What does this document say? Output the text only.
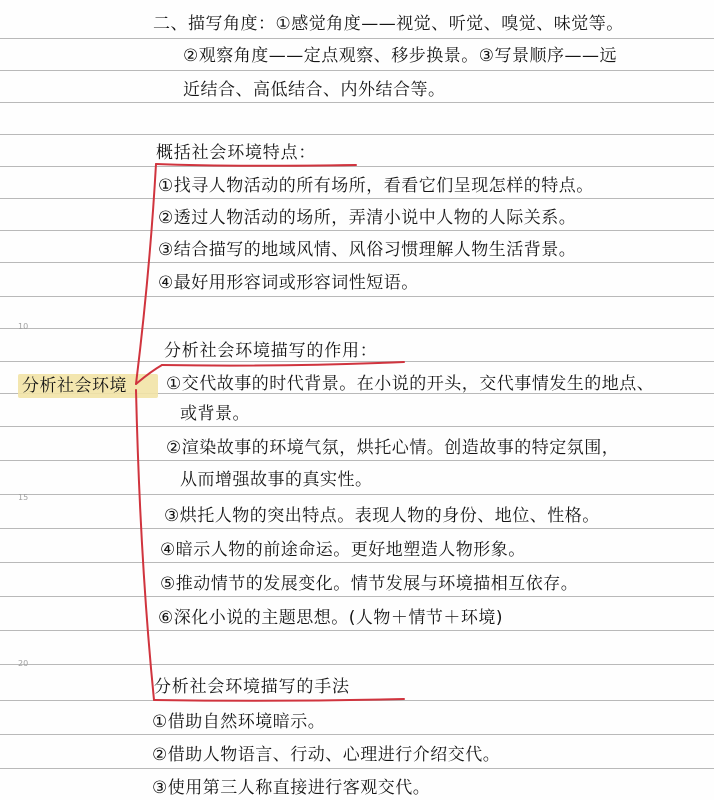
10
15
20
二、描写角度：①感觉角度——视觉、听觉、嗅觉、味觉等。
②观察角度——定点观察、移步换景。③写景顺序——远
近结合、高低结合、内外结合等。
概括社会环境特点：
①找寻人物活动的所有场所，看看它们呈现怎样的特点。
②透过人物活动的场所，弄清小说中人物的人际关系。
③结合描写的地域风情、风俗习惯理解人物生活背景。
④最好用形容词或形容词性短语。
分析社会环境
分析社会环境描写的作用：
①交代故事的时代背景。在小说的开头，交代事情发生的地点、
或背景。
②渲染故事的环境气氛，烘托心情。创造故事的特定氛围，
从而增强故事的真实性。
③烘托人物的突出特点。表现人物的身份、地位、性格。
④暗示人物的前途命运。更好地塑造人物形象。
⑤推动情节的发展变化。情节发展与环境描相互依存。
⑥深化小说的主题思想。(人物＋情节＋环境)
分析社会环境描写的手法
①借助自然环境暗示。
②借助人物语言、行动、心理进行介绍交代。
③使用第三人称直接进行客观交代。
